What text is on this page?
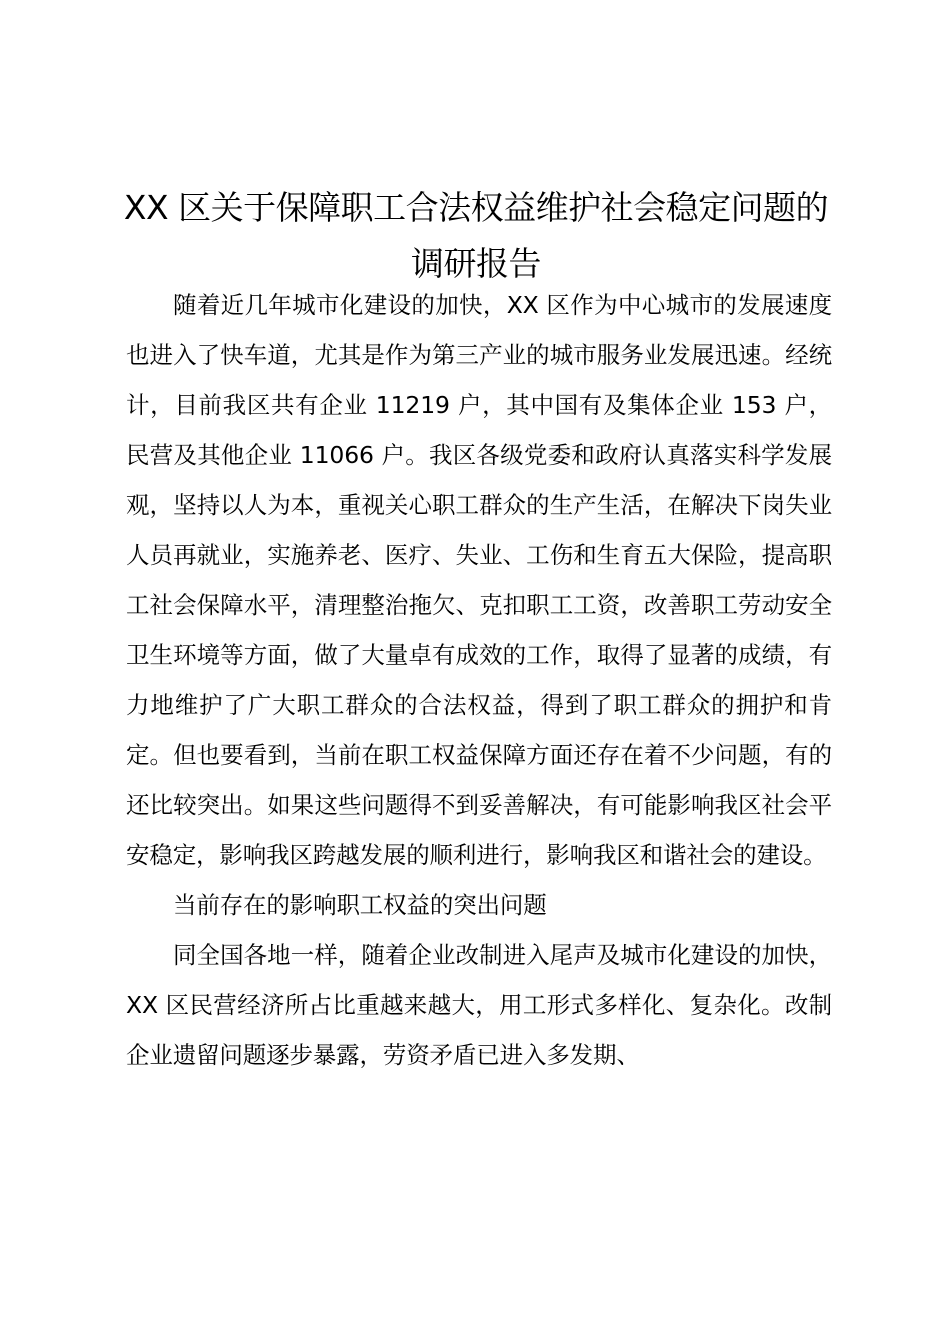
XX 区关于保障职工合法权益维护社会稳定问题的调研报告

随着近几年城市化建设的加快，XX 区作为中心城市的发展速度也进入了快车道，尤其是作为第三产业的城市服务业发展迅速。经统计，目前我区共有企业 11219 户，其中国有及集体企业 153 户，民营及其他企业 11066 户。我区各级党委和政府认真落实科学发展观，坚持以人为本，重视关心职工群众的生产生活，在解决下岗失业人员再就业，实施养老、医疗、失业、工伤和生育五大保险，提高职工社会保障水平，清理整治拖欠、克扣职工工资，改善职工劳动安全卫生环境等方面，做了大量卓有成效的工作，取得了显著的成绩，有力地维护了广大职工群众的合法权益，得到了职工群众的拥护和肯定。但也要看到，当前在职工权益保障方面还存在着不少问题，有的还比较突出。如果这些问题得不到妥善解决，有可能影响我区社会平安稳定，影响我区跨越发展的顺利进行，影响我区和谐社会的建设。

当前存在的影响职工权益的突出问题

同全国各地一样，随着企业改制进入尾声及城市化建设的加快，XX 区民营经济所占比重越来越大，用工形式多样化、复杂化。改制企业遗留问题逐步暴露，劳资矛盾已进入多发期、
